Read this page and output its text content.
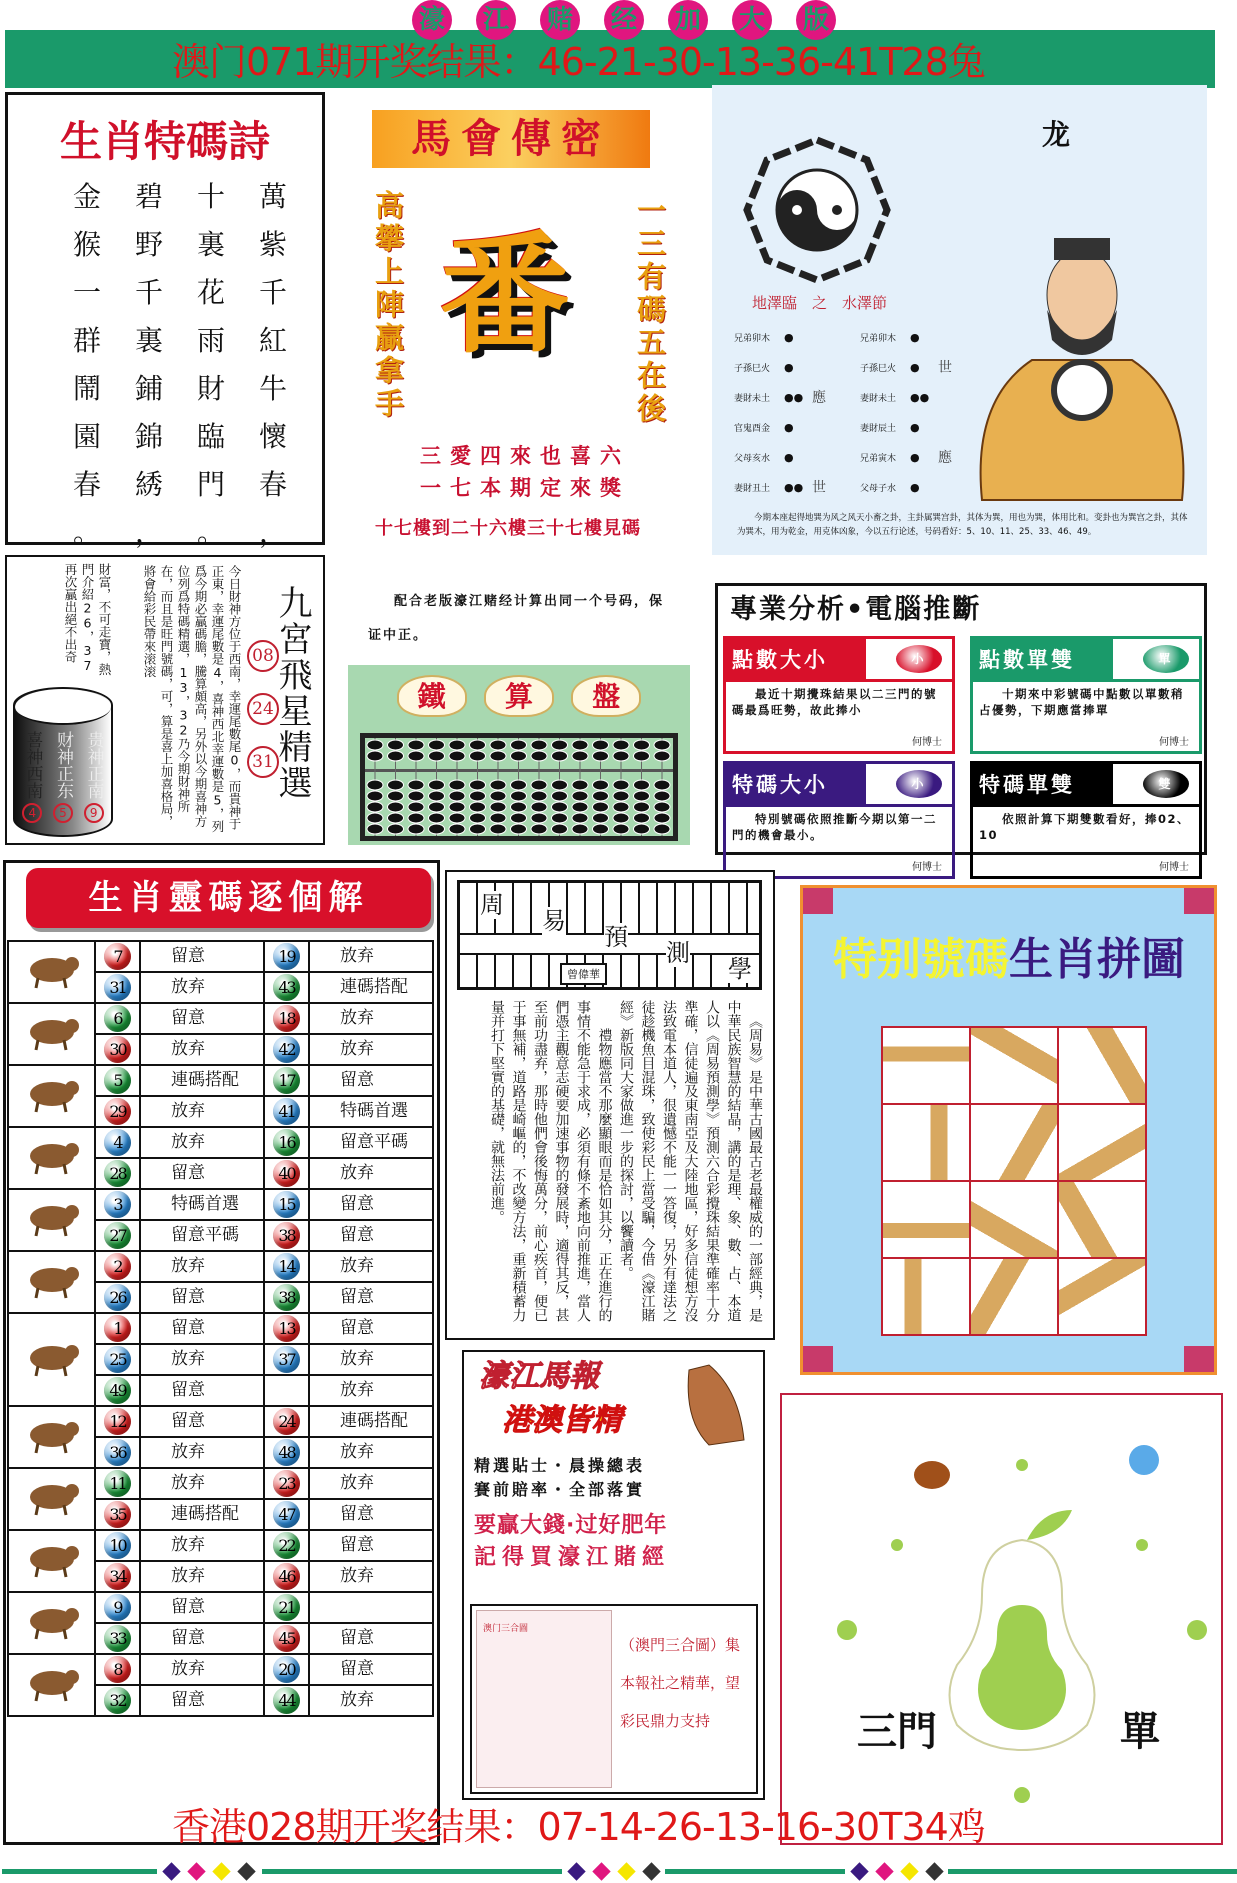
濠 江 赌 经 加 大 版
澳门071期开奖结果：46-21-30-13-36-41T28兔
生肖特碼詩
金	碧	十	萬
猴	野	裏	紫
一	千	花	千
群	裏	雨	紅
鬧	鋪	財	牛
園	錦	臨	懷
春	綉	門	春
。	，	。	，
九宮飛星精選
08
24
31
今日財神方位于西南，幸運尾數尾0，而貴神于正東，幸運尾數是4，喜神西北幸運數是5，列爲今期必贏碼膽，騰算頗高，另外以今期喜神方位列爲特碼精選，13，32乃今期財神所在，而且是旺門號碼，可，算是喜上加喜格局，將會給彩民帶來滚滚
財富，不可走寶，熱門介紹26，37再次贏出絕不出奇
贵神正南
9
财神正东
5
喜神西南
4
馬會傳密
高攀上陣贏拿手	一三有碼五在後
番
三愛四來也喜六
一七本期定來獎
十七樓到二十六樓三十七樓見碼
配合老版濠江赌经计算出同一个号码，保证中正。
鐵	算	盤
龙
地澤臨　之　水澤節
兄弟卯木	●
子孫巳火	●
妻財未土	●● 應
官鬼酉金	●
父母亥水	●
妻財丑土	●● 世
兄弟卯木	●
子孫巳火	●	世
妻財未土	●●
妻財辰土	●
兄弟寅木	●	應
父母子水	●
今期本座起得地巽为风之风天小畜之卦，主卦属巽宫卦，其体为巽，用也为巽，体用比和。变卦也为巽宫之卦，其体为巽木，用为乾金，用克体凶象，今以五行论述，号码看好：5、10、11、25、33、46、49。
專業分析•電腦推斷
點數大小	小
最近十期攪珠結果以二三門的號碼最爲旺勢，故此捧小
何博士
點數單雙	單
十期來中彩號碼中點數以單數稍占優勢，下期應當捧單
何博士
特碼大小	小
特別號碼依照推斷今期以第一二門的機會最小。
何博士
特碼單雙	雙
依照計算下期雙數看好，捧02、10
何博士
生肖靈碼逐個解
	7	留意	19	放弃
	31	放弃	43	連碼搭配
	6	留意	18	放弃
	30	放弃	42	放弃
	5	連碼搭配	17	留意
	29	放弃	41	特碼首選
	4	放弃	16	留意平碼
	28	留意	40	放弃
	3	特碼首選	15	留意
	27	留意平碼	38	留意
	2	放弃	14	放弃
	26	留意	38	留意
	1	留意	13	留意
	25	放弃	37	放弃
	49	留意		放弃
	12	留意	24	連碼搭配
	36	放弃	48	放弃
	11	放弃	23	放弃
	35	連碼搭配	47	留意
	10	放弃	22	留意
	34	放弃	46	放弃
	9	留意	21	
	33	留意	45	留意
	8	放弃	20	留意
	32	留意	44	放弃
周
易
預
測
學
曾偉華

《周易》是中華古國最古老最權威的一部經典，是中華民族智慧的結晶，講的是理、象、數、占、本道人以《周易預測學》預測六合彩攪珠結果準確率十分準確，信徒遍及東南亞及大陸地區，好多信徒想方沒法致電本道人，很遺憾不能一一答復，另外有達法之徒趁機魚目混珠，致使彩民上當受騙，今借《濠江賭經》新版同大家做進一步的探討，以饗讀者。

禮物應當不那麼顯眼而是恰如其分，正在進行的事情不能急于求成，必須有條不紊地向前推進，當人們憑主觀意志硬要加速事物的發展時，適得其反，甚至前功盡弃，那時他們會後悔萬分，前心疾首，便已于事無補，道路是崎嶇的，不改變方法，重新積蓄力量并打下堅實的基礎，就無法前進。

濠江馬報
港澳皆精
精選貼士・晨操總表
賽前賠率・全部落實
要贏大錢·过好肥年
記得買濠江賭經
澳门三合圖
（澳門三合圖）集本報社之精華，望彩民鼎力支持
特别號碼生肖拼圖
三門	單
香港028期开奖结果：07-14-26-13-16-30T34鸡
